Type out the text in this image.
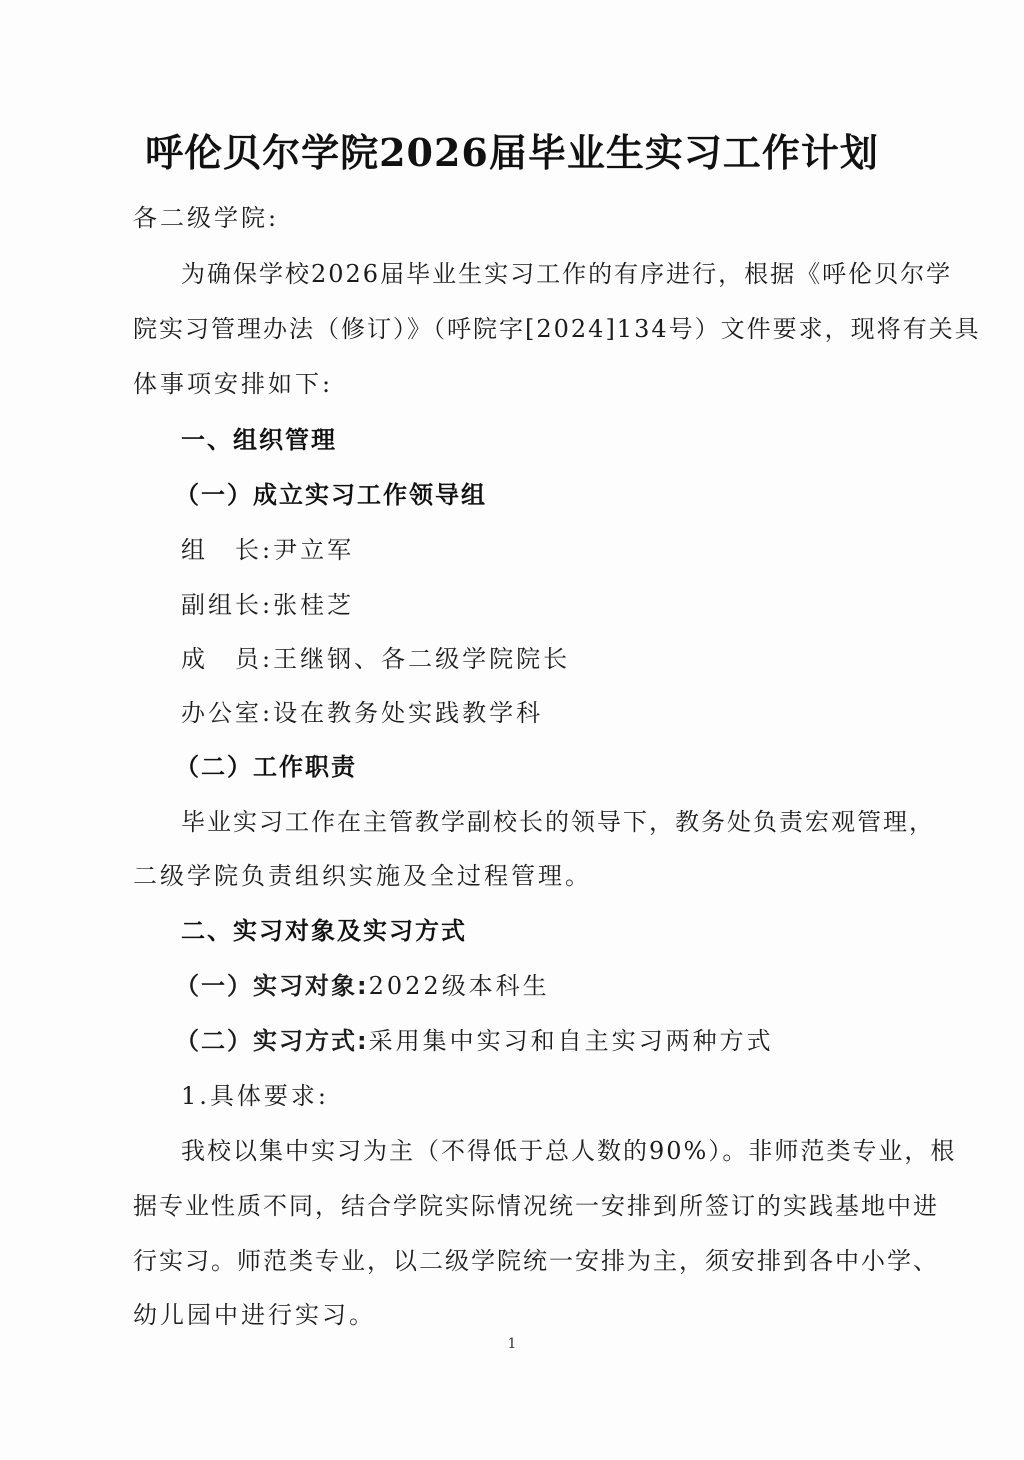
呼伦贝尔学院2026届毕业生实习工作计划

各二级学院:

为确保学校2026届毕业生实习工作的有序进行，根据《呼伦贝尔学

院实习管理办法（修订）》（呼院字[2024]134号）文件要求，现将有关具

体事项安排如下:

一、组织管理

（一）成立实习工作领导组

组　长:尹立军

副组长:张桂芝

成　员:王继钢、各二级学院院长

办公室:设在教务处实践教学科

（二）工作职责

毕业实习工作在主管教学副校长的领导下，教务处负责宏观管理，

二级学院负责组织实施及全过程管理。

二、实习对象及实习方式

（一）实习对象:2022级本科生

（二）实习方式:采用集中实习和自主实习两种方式

1.具体要求:

我校以集中实习为主（不得低于总人数的90%）。非师范类专业，根

据专业性质不同，结合学院实际情况统一安排到所签订的实践基地中进

行实习。师范类专业，以二级学院统一安排为主，须安排到各中小学、

幼儿园中进行实习。

1
